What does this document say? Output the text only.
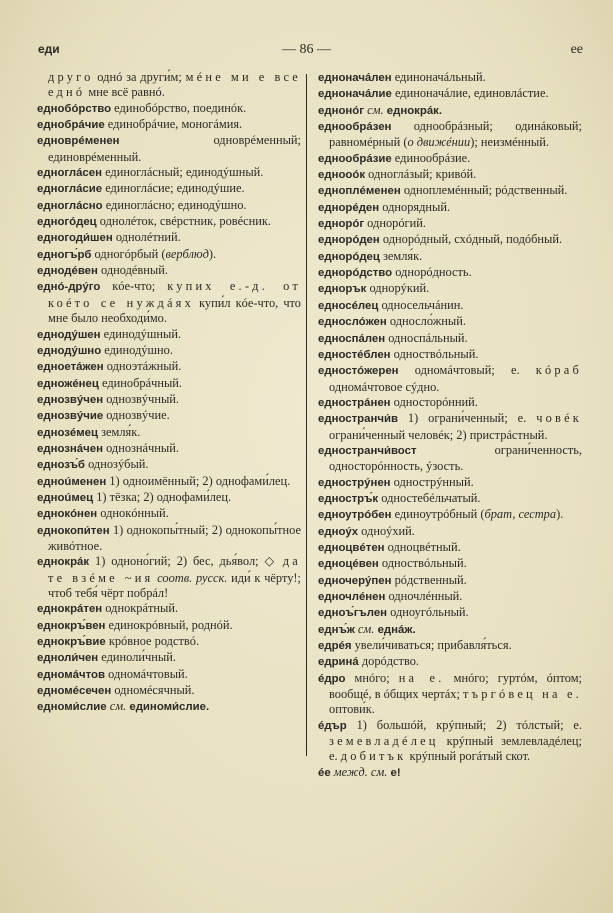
еди	— 86 —	ее
друго однó за други́м; мéне ми е все еднó мне всё равнó.
еднобóрство единобóрство, поединóк.
еднобрáчие единобрáчие, моногáмия.
едноврéменен одноврéменный; единоврéменный.
едноглáсен единоглáсный; единодýшный.
едноглáсие единоглáсие; единодýшие.
едноглáсно единоглáсно; единодýшно.
едногóдец однолéток, свéрстник, ровéсник.
едногоди́шен однолéтний.
едногъ́рб одногóрбый (верблюд).
еднодéвен однодéвный.
еднó-дрýго кóе-что; купих е.-д. от коéто се нуждáях купи́л кóе-что, что мне было необходи́мо.
еднодýшен единодýшный.
еднодýшно единодýшно.
едноетáжен одноэтáжный.
едножéнец единобрáчный.
еднозвýчен однозвýчный.
еднозвýчие однозвýчие.
еднозéмец земля́к.
еднознáчен однознáчный.
еднозъ́б однозýбый.
едноúменен 1) одноимённый; 2) однофами́лец.
едноúмец 1) тёзка; 2) однофами́лец.
еднокóнен однокóнный.
еднокопи́тен 1) однокопы́тный; 2) однокопы́тное живóтное.
еднокрáк 1) одноно́гий; 2) бес, дья́вол; ◇ да те взéме ~ия соотв. русск. иди́ к чёрту!; чтоб тебя́ чёрт побрáл!
еднокрáтен однокрáтный.
еднокръ́вен единокрóвный, роднóй.
еднокръ́вие крóвное родствó.
едноли́чен единоли́чный.
едномáчтов одномáчтовый.
едномéсечен одномéсячный.
едноми́слие см. единоми́слие.
едноначáлен единоначáльный.
едноначáлие единоначáлие, единовлáстие.
еднонóг см. еднокрáк.
еднообрáзен однообрáзный; одинáковый; равномéрный (о движéнии); неизмéнный.
еднообрáзие единообрáзие.
еднооóк одноглáзый; кривóй.
едноплéменен одноплемéнный; рóдственный.
еднорéден однорядный.
еднорóг однорóгий.
еднорóден однорóдный, схóдный, подóбный.
еднорóдец земля́к.
еднорóдство однорóдность.
еднорък однорýкий.
едносéлец односельчáнин.
едносло́жен односло́жный.
едноспáлен односпáльный.
едностéблен одноствóльный.
едностóжерен одномáчтовый; е. кóраб одномáчтовое сýдно.
еднострáнен односторóнний.
едностранчи́в 1) ограни́ченный; е. човéк ограни́ченный человéк; 2) пристрáстный.
едностранчи́вост ограни́ченность, односторóнность, ýзость.
еднострýнен однострýнный.
едностръ́к одностебéльчатый.
едноутрóбен единоутрóбный (брат, сестра).
едноýх одноýхий.
едноцвéтен одноцвéтный.
едноцéвен одноствóльный.
едночерýпен рóдственный.
едночлéнен одночлéнный.
едноъ́гълен одноугóльный.
еднъ́ж см. еднáж.
едрéя увели́чиваться; прибавля́ться.
едринá дорóдство.
éдро мнóго; на е. мнóго; гуртóм, óптом; вообщé, в óбщих чертáх; търгóвец на е. оптови́к.
éдър 1) большóй, крýпный; 2) тóлстый; е. земевладéлец крýпный землевладéлец; е. добитък крýпный рогáтый скот.
éе межд. см. е!
